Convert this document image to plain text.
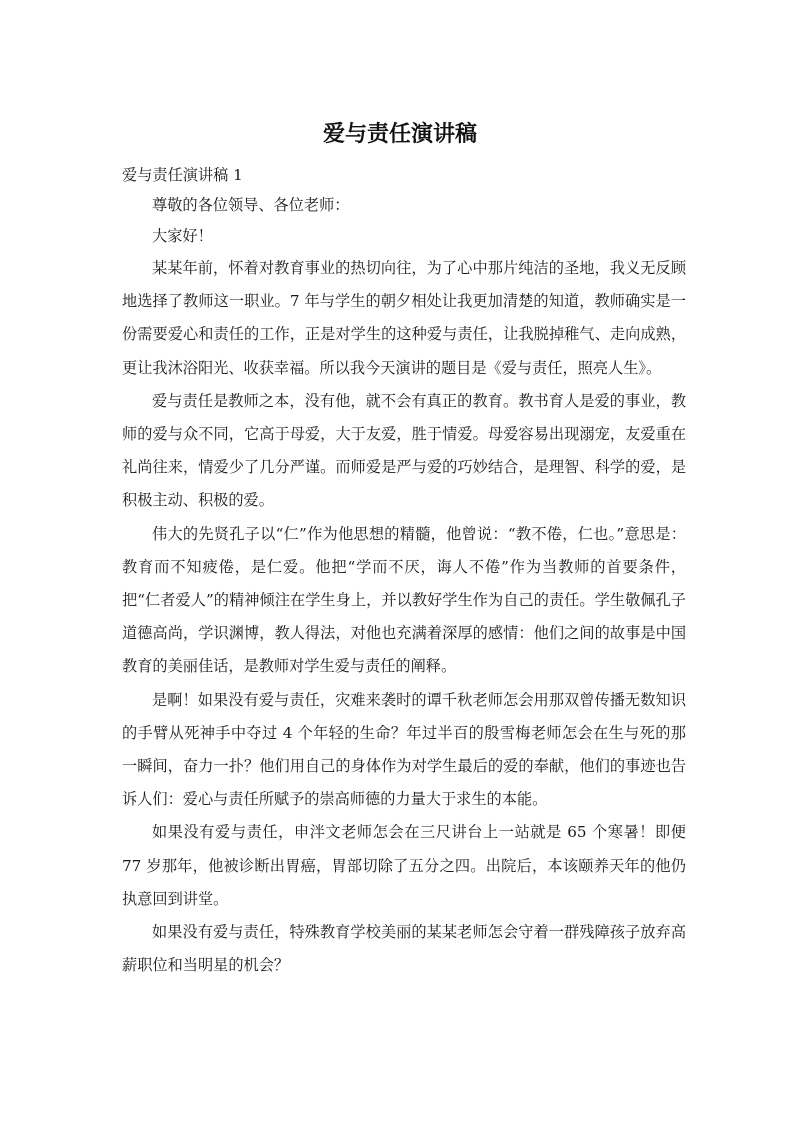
爱与责任演讲稿

爱与责任演讲稿 1

尊敬的各位领导、各位老师：

大家好！

某某年前，怀着对教育事业的热切向往，为了心中那片纯洁的圣地，我义无反顾地选择了教师这一职业。7 年与学生的朝夕相处让我更加清楚的知道，教师确实是一份需要爱心和责任的工作，正是对学生的这种爱与责任，让我脱掉稚气、走向成熟，更让我沐浴阳光、收获幸福。所以我今天演讲的题目是《爱与责任，照亮人生》。

爱与责任是教师之本，没有他，就不会有真正的教育。教书育人是爱的事业，教师的爱与众不同，它高于母爱，大于友爱，胜于情爱。母爱容易出现溺宠，友爱重在礼尚往来，情爱少了几分严谨。而师爱是严与爱的巧妙结合，是理智、科学的爱，是积极主动、积极的爱。

伟大的先贤孔子以“仁”作为他思想的精髓，他曾说：“教不倦，仁也。”意思是：教育而不知疲倦，是仁爱。他把“学而不厌，诲人不倦”作为当教师的首要条件，把“仁者爱人”的精神倾注在学生身上，并以教好学生作为自己的责任。学生敬佩孔子道德高尚，学识渊博，教人得法，对他也充满着深厚的感情：他们之间的故事是中国教育的美丽佳话，是教师对学生爱与责任的阐释。

是啊！如果没有爱与责任，灾难来袭时的谭千秋老师怎会用那双曾传播无数知识的手臂从死神手中夺过 4 个年轻的生命？年过半百的殷雪梅老师怎会在生与死的那一瞬间，奋力一扑？他们用自己的身体作为对学生最后的爱的奉献，他们的事迹也告诉人们：爱心与责任所赋予的崇高师德的力量大于求生的本能。

如果没有爱与责任，申泮文老师怎会在三尺讲台上一站就是 65 个寒暑！即便 77 岁那年，他被诊断出胃癌，胃部切除了五分之四。出院后，本该颐养天年的他仍执意回到讲堂。

如果没有爱与责任，特殊教育学校美丽的某某老师怎会守着一群残障孩子放弃高薪职位和当明星的机会？
